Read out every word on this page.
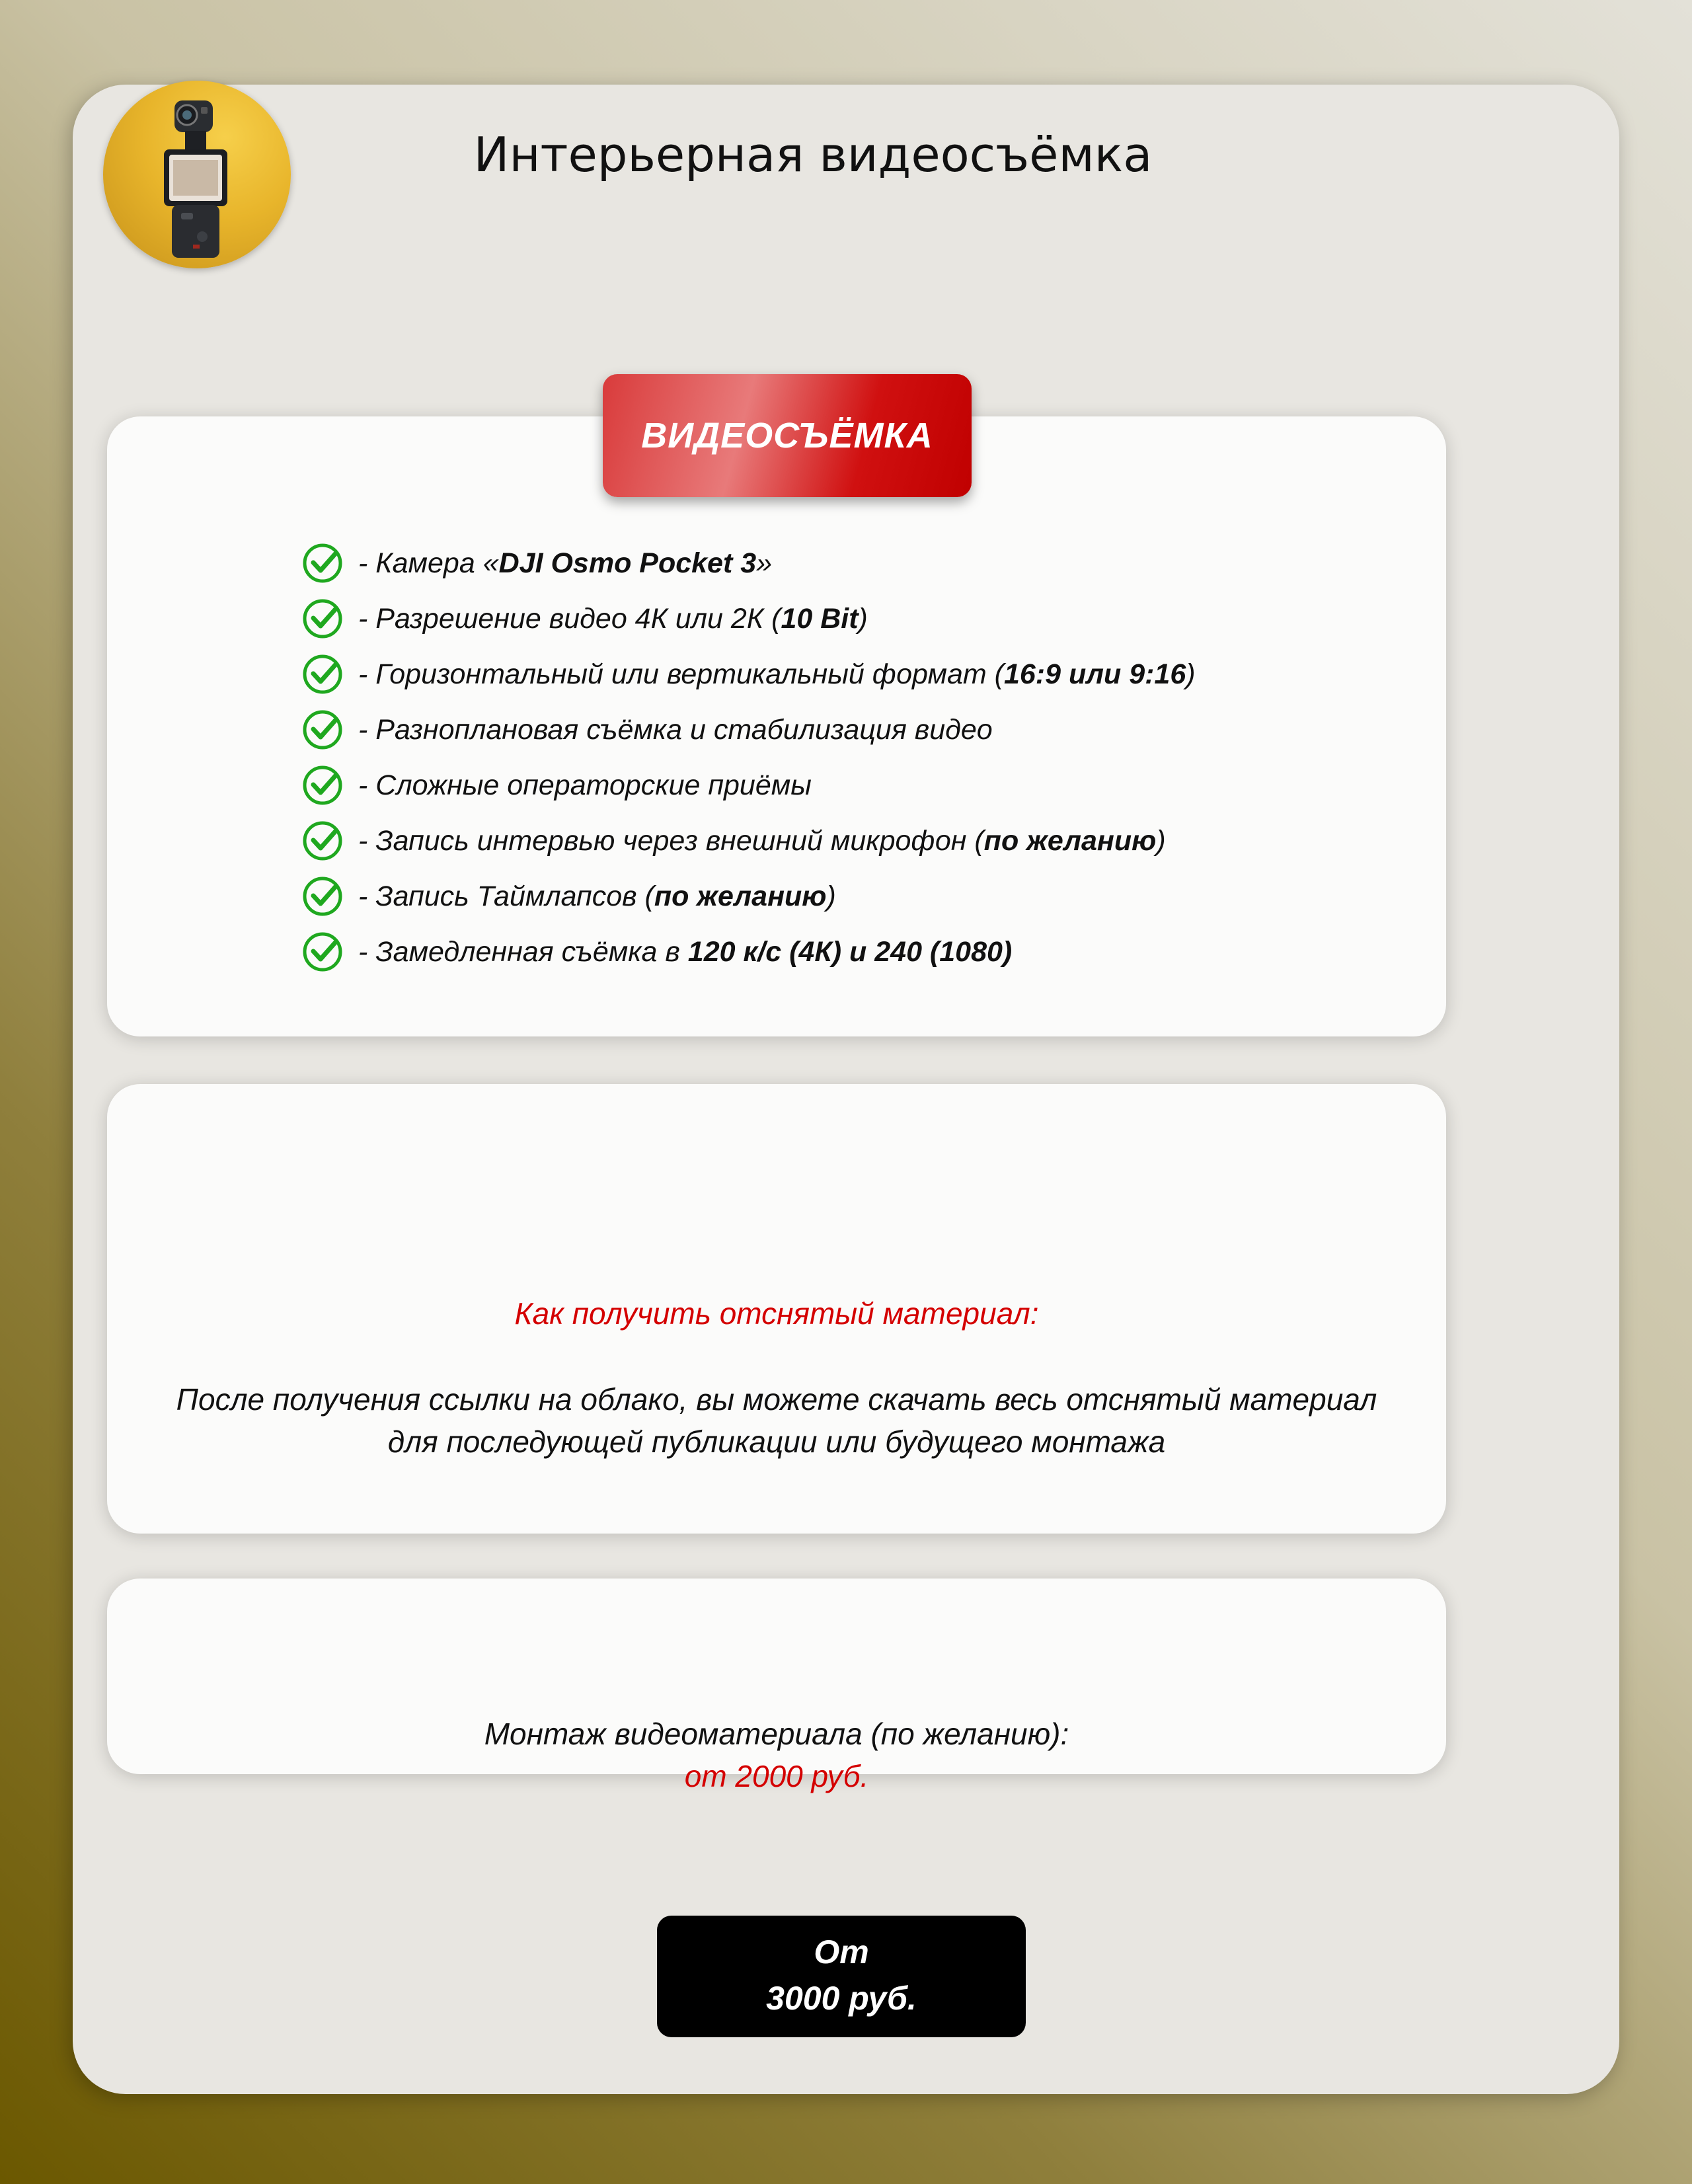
Интерьерная видеосъёмка
ВИДЕОСЪЁМКА
- Камера «DJI Osmo Pocket 3»
- Разрешение видео 4К или 2К (10 Bit)
- Горизонтальный или вертикальный формат (16:9 или 9:16)
- Разноплановая съёмка и стабилизация видео
- Сложные операторские приёмы
- Запись интервью через внешний микрофон (по желанию)
- Запись Таймлапсов (по желанию)
- Замедленная съёмка в 120 к/с (4К) и 240 (1080)
Как получить отснятый материал:
После получения ссылки на облако, вы можете скачать весь отснятый материал
для последующей публикации или будущего монтажа
Монтаж видеоматериала (по желанию):
от 2000 руб.
От
3000 руб.
